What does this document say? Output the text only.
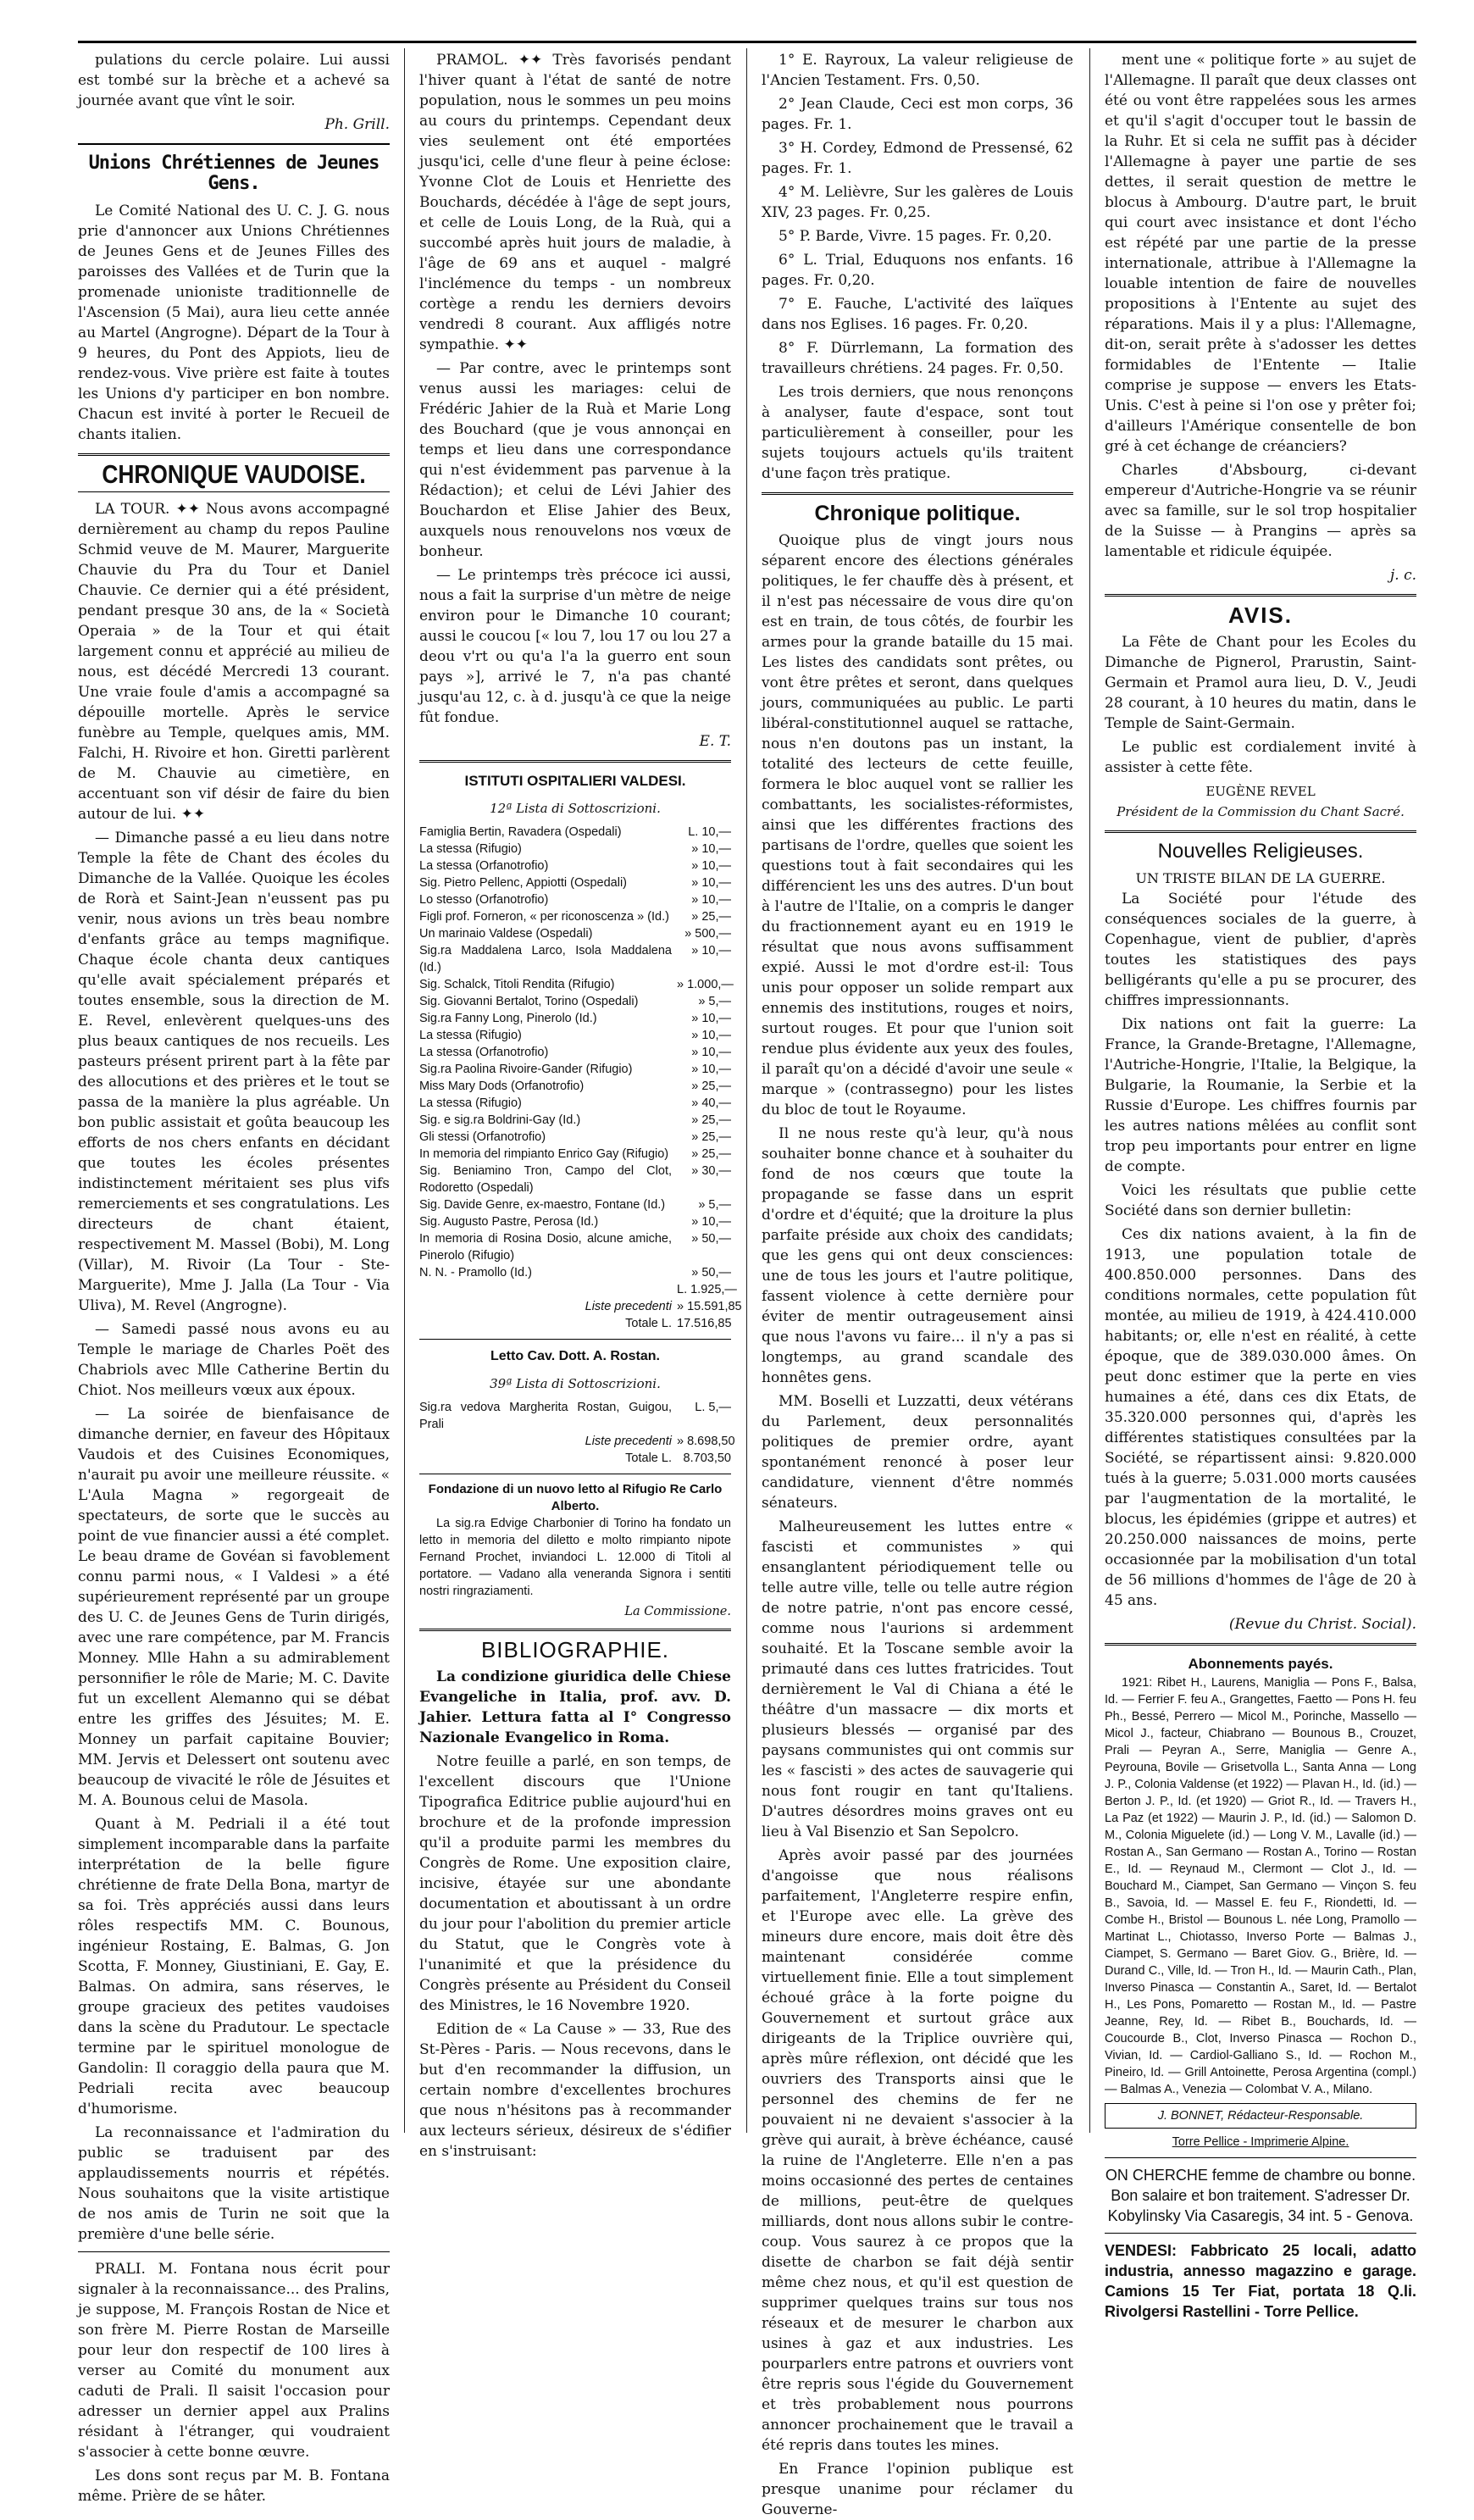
pulations du cercle polaire. Lui aussi est tombé sur la brèche et a achevé sa journée avant que vînt le soir.

Ph. Grill.
Unions Chrétiennes de Jeunes Gens.

Le Comité National des U. C. J. G. nous prie d'annoncer aux Unions Chrétiennes de Jeunes Gens et de Jeunes Filles des paroisses des Vallées et de Turin que la promenade unioniste traditionnelle de l'Ascension (5 Mai), aura lieu cette année au Martel (Angrogne). Départ de la Tour à 9 heures, du Pont des Appiots, lieu de rendez-vous. Vive prière est faite à toutes les Unions d'y participer en bon nombre. Chacun est invité à porter le Recueil de chants italien.

CHRONIQUE VAUDOISE.

LA TOUR. ✦✦ Nous avons accompagné dernièrement au champ du repos Pauline Schmid veuve de M. Maurer, Marguerite Chauvie du Pra du Tour et Daniel Chauvie. Ce dernier qui a été président, pendant presque 30 ans, de la « Società Operaia » de la Tour et qui était largement connu et apprécié au milieu de nous, est décédé Mercredi 13 courant. Une vraie foule d'amis a accompagné sa dépouille mortelle. Après le service funèbre au Temple, quelques amis, MM. Falchi, H. Rivoire et hon. Giretti parlèrent de M. Chauvie au cimetière, en accentuant son vif désir de faire du bien autour de lui. ✦✦

— Dimanche passé a eu lieu dans notre Temple la fête de Chant des écoles du Dimanche de la Vallée. Quoique les écoles de Rorà et Saint-Jean n'eussent pas pu venir, nous avions un très beau nombre d'enfants grâce au temps magnifique. Chaque école chanta deux cantiques qu'elle avait spécialement préparés et toutes ensemble, sous la direction de M. E. Revel, enlevèrent quelques-uns des plus beaux cantiques de nos recueils. Les pasteurs présent prirent part à la fête par des allocutions et des prières et le tout se passa de la manière la plus agréable. Un bon public assistait et goûta beaucoup les efforts de nos chers enfants en décidant que toutes les écoles présentes indistinctement méritaient ses plus vifs remerciements et ses congratulations. Les directeurs de chant étaient, respectivement M. Massel (Bobi), M. Long (Villar), M. Rivoir (La Tour - Ste-Marguerite), Mme J. Jalla (La Tour - Via Uliva), M. Revel (Angrogne).

— Samedi passé nous avons eu au Temple le mariage de Charles Poët des Chabriols avec Mlle Catherine Bertin du Chiot. Nos meilleurs vœux aux époux.

— La soirée de bienfaisance de dimanche dernier, en faveur des Hôpitaux Vaudois et des Cuisines Economiques, n'aurait pu avoir une meilleure réussite. « L'Aula Magna » regorgeait de spectateurs, de sorte que le succès au point de vue financier aussi a été complet. Le beau drame de Govéan si favoblement connu parmi nous, « I Valdesi » a été supérieurement représenté par un groupe des U. C. de Jeunes Gens de Turin dirigés, avec une rare compétence, par M. Francis Monney. Mlle Hahn a su admirablement personnifier le rôle de Marie; M. C. Davite fut un excellent Alemanno qui se débat entre les griffes des Jésuites; M. E. Monney un parfait capitaine Bouvier; MM. Jervis et Delessert ont soutenu avec beaucoup de vivacité le rôle de Jésuites et M. A. Bounous celui de Masola.

Quant à M. Pedriali il a été tout simplement incomparable dans la parfaite interprétation de la belle figure chrétienne de frate Della Bona, martyr de sa foi. Très appréciés aussi dans leurs rôles respectifs MM. C. Bounous, ingénieur Rostaing, E. Balmas, G. Jon Scotta, F. Monney, Giustiniani, E. Gay, E. Balmas. On admira, sans réserves, le groupe gracieux des petites vaudoises dans la scène du Pradutour. Le spectacle termine par le spirituel monologue de Gandolin: Il coraggio della paura que M. Pedriali recita avec beaucoup d'humorisme.

La reconnaissance et l'admiration du public se traduisent par des applaudissements nourris et répétés. Nous souhaitons que la visite artistique de nos amis de Turin ne soit que la première d'une belle série.

PRALI. M. Fontana nous écrit pour signaler à la reconnaissance... des Pralins, je suppose, M. François Rostan de Nice et son frère M. Pierre Rostan de Marseille pour leur don respectif de 100 lires à verser au Comité du monument aux caduti de Prali. Il saisit l'occasion pour adresser un dernier appel aux Pralins résidant à l'étranger, qui voudraient s'associer à cette bonne œuvre.

Les dons sont reçus par M. B. Fontana même. Prière de se hâter.

PRAMOL. ✦✦ Très favorisés pendant l'hiver quant à l'état de santé de notre population, nous le sommes un peu moins au cours du printemps. Cependant deux vies seulement ont été emportées jusqu'ici, celle d'une fleur à peine éclose: Yvonne Clot de Louis et Henriette des Bouchards, décédée à l'âge de sept jours, et celle de Louis Long, de la Ruà, qui a succombé après huit jours de maladie, à l'âge de 69 ans et auquel - malgré l'inclémence du temps - un nombreux cortège a rendu les derniers devoirs vendredi 8 courant. Aux affligés notre sympathie. ✦✦

— Par contre, avec le printemps sont venus aussi les mariages: celui de Frédéric Jahier de la Ruà et Marie Long des Bouchard (que je vous annonçai en temps et lieu dans une correspondance qui n'est évidemment pas parvenue à la Rédaction); et celui de Lévi Jahier des Bouchardon et Elise Jahier des Beux, auxquels nous renouvelons nos vœux de bonheur.

— Le printemps très précoce ici aussi, nous a fait la surprise d'un mètre de neige environ pour le Dimanche 10 courant; aussi le coucou [« lou 7, lou 17 ou lou 27 a deou v'rt ou qu'a l'a la guerro ent soun pays »], arrivé le 7, n'a pas chanté jusqu'au 12, c. à d. jusqu'à ce que la neige fût fondue.

E. T.
ISTITUTI OSPITALIERI VALDESI.
12ª Lista di Sottoscrizioni.
Famiglia Bertin, Ravadera (Ospedali)	L. 10,—
La stessa (Rifugio)	» 10,—
La stessa (Orfanotrofio)	» 10,—
Sig. Pietro Pellenc, Appiotti (Ospedali)	» 10,—
Lo stesso (Orfanotrofio)	» 10,—
Figli prof. Forneron, « per riconoscenza » (Id.)	» 25,—
Un marinaio Valdese (Ospedali)	» 500,—
Sig.ra Maddalena Larco, Isola Maddalena (Id.)
» 10,—
Sig. Schalck, Titoli Rendita (Rifugio)	» 1.000,—
Sig. Giovanni Bertalot, Torino (Ospedali)	» 5,—
Sig.ra Fanny Long, Pinerolo (Id.)	» 10,—
La stessa (Rifugio)	» 10,—
La stessa (Orfanotrofio)	» 10,—
Sig.ra Paolina Rivoire-Gander (Rifugio)	» 10,—
Miss Mary Dods (Orfanotrofio)	» 25,—
La stessa (Rifugio)	» 40,—
Sig. e sig.ra Boldrini-Gay (Id.)	» 25,—
Gli stessi (Orfanotrofio)	» 25,—
In memoria del rimpianto Enrico Gay (Rifugio)	» 25,—
Sig. Beniamino Tron, Campo del Clot, Rodoretto (Ospedali)
» 30,—
Sig. Davide Genre, ex-maestro, Fontane (Id.)	» 5,—
Sig. Augusto Pastre, Perosa (Id.)	» 10,—
In memoria di Rosina Dosio, alcune amiche, Pinerolo (Rifugio)
» 50,—
N. N. - Pramollo (Id.)	» 50,—
L. 1.925,—
Liste precedenti » 15.591,85
Totale L. 17.516,85
Letto Cav. Dott. A. Rostan.
39ª Lista di Sottoscrizioni.
Sig.ra vedova Margherita Rostan, Guigou, Prali
L. 5,—
Liste precedenti » 8.698,50
Totale L. 8.703,50
Fondazione di un nuovo letto al Rifugio Re Carlo Alberto.

La sig.ra Edvige Charbonier di Torino ha fondato un letto in memoria del diletto e molto rimpianto nipote Fernand Prochet, inviandoci L. 12.000 di Titoli al portatore. — Vadano alla veneranda Signora i sentiti nostri ringraziamenti.

La Commissione.
BIBLIOGRAPHIE.

La condizione giuridica delle Chiese Evangeliche in Italia, prof. avv. D. Jahier. Lettura fatta al I° Congresso Nazionale Evangelico in Roma.

Notre feuille a parlé, en son temps, de l'excellent discours que l'Unione Tipografica Editrice publie aujourd'hui en brochure et de la profonde impression qu'il a produite parmi les membres du Congrès de Rome. Une exposition claire, incisive, étayée sur une abondante documentation et aboutissant à un ordre du jour pour l'abolition du premier article du Statut, que le Congrès vote à l'unanimité et que la présidence du Congrès présente au Président du Conseil des Ministres, le 16 Novembre 1920.

Edition de « La Cause » — 33, Rue des St-Pères - Paris. — Nous recevons, dans le but d'en recommander la diffusion, un certain nombre d'excellentes brochures que nous n'hésitons pas à recommander aux lecteurs sérieux, désireux de s'édifier en s'instruisant:

1° E. Rayroux, La valeur religieuse de l'Ancien Testament. Frs. 0,50.

2° Jean Claude, Ceci est mon corps, 36 pages. Fr. 1.

3° H. Cordey, Edmond de Pressensé, 62 pages. Fr. 1.

4° M. Lelièvre, Sur les galères de Louis XIV, 23 pages. Fr. 0,25.

5° P. Barde, Vivre. 15 pages. Fr. 0,20.

6° L. Trial, Eduquons nos enfants. 16 pages. Fr. 0,20.

7° E. Fauche, L'activité des laïques dans nos Eglises. 16 pages. Fr. 0,20.

8° F. Dürrlemann, La formation des travailleurs chrétiens. 24 pages. Fr. 0,50.

Les trois derniers, que nous renonçons à analyser, faute d'espace, sont tout particulièrement à conseiller, pour les sujets toujours actuels qu'ils traitent d'une façon très pratique.

Chronique politique.

Quoique plus de vingt jours nous séparent encore des élections générales politiques, le fer chauffe dès à présent, et il n'est pas nécessaire de vous dire qu'on est en train, de tous côtés, de fourbir les armes pour la grande bataille du 15 mai. Les listes des candidats sont prêtes, ou vont être prêtes et seront, dans quelques jours, communiquées au public. Le parti libéral-constitutionnel auquel se rattache, nous n'en doutons pas un instant, la totalité des lecteurs de cette feuille, formera le bloc auquel vont se rallier les combattants, les socialistes-réformistes, ainsi que les différentes fractions des partisans de l'ordre, quelles que soient les questions tout à fait secondaires qui les différencient les uns des autres. D'un bout à l'autre de l'Italie, on a compris le danger du fractionnement ayant eu en 1919 le résultat que nous avons suffisamment expié. Aussi le mot d'ordre est-il: Tous unis pour opposer un solide rempart aux ennemis des institutions, rouges et noirs, surtout rouges. Et pour que l'union soit rendue plus évidente aux yeux des foules, il paraît qu'on a décidé d'avoir une seule « marque » (contrassegno) pour les listes du bloc de tout le Royaume.

Il ne nous reste qu'à leur, qu'à nous souhaiter bonne chance et à souhaiter du fond de nos cœurs que toute la propagande se fasse dans un esprit d'ordre et d'équité; que la droiture la plus parfaite préside aux choix des candidats; que les gens qui ont deux consciences: une de tous les jours et l'autre politique, fassent violence à cette dernière pour éviter de mentir outrageusement ainsi que nous l'avons vu faire... il n'y a pas si longtemps, au grand scandale des honnêtes gens.

MM. Boselli et Luzzatti, deux vétérans du Parlement, deux personnalités politiques de premier ordre, ayant spontanément renoncé à poser leur candidature, viennent d'être nommés sénateurs.

Malheureusement les luttes entre « fascisti et communistes » qui ensanglantent périodiquement telle ou telle autre ville, telle ou telle autre région de notre patrie, n'ont pas encore cessé, comme nous l'aurions si ardemment souhaité. Et la Toscane semble avoir la primauté dans ces luttes fratricides. Tout dernièrement le Val di Chiana a été le théâtre d'un massacre — dix morts et plusieurs blessés — organisé par des paysans communistes qui ont commis sur les « fascisti » des actes de sauvagerie qui nous font rougir en tant qu'Italiens. D'autres désordres moins graves ont eu lieu à Val Bisenzio et San Sepolcro.

Après avoir passé par des journées d'angoisse que nous réalisons parfaitement, l'Angleterre respire enfin, et l'Europe avec elle. La grève des mineurs dure encore, mais doit être dès maintenant considérée comme virtuellement finie. Elle a tout simplement échoué grâce à la forte poigne du Gouvernement et surtout grâce aux dirigeants de la Triplice ouvrière qui, après mûre réflexion, ont décidé que les ouvriers des Transports ainsi que le personnel des chemins de fer ne pouvaient ni ne devaient s'associer à la grève qui aurait, à brève échéance, causé la ruine de l'Angleterre. Elle n'en a pas moins occasionné des pertes de centaines de millions, peut-être de quelques milliards, dont nous allons subir le contre-coup. Vous saurez à ce propos que la disette de charbon se fait déjà sentir même chez nous, et qu'il est question de supprimer quelques trains sur tous nos réseaux et de mesurer le charbon aux usines à gaz et aux industries. Les pourparlers entre patrons et ouvriers vont être repris sous l'égide du Gouvernement et très probablement nous pourrons annoncer prochainement que le travail a été repris dans toutes les mines.

En France l'opinion publique est presque unanime pour réclamer du Gouverne-

ment une « politique forte » au sujet de l'Allemagne. Il paraît que deux classes ont été ou vont être rappelées sous les armes et qu'il s'agit d'occuper tout le bassin de la Ruhr. Et si cela ne suffit pas à décider l'Allemagne à payer une partie de ses dettes, il serait question de mettre le blocus à Ambourg. D'autre part, le bruit qui court avec insistance et dont l'écho est répété par une partie de la presse internationale, attribue à l'Allemagne la louable intention de faire de nouvelles propositions à l'Entente au sujet des réparations. Mais il y a plus: l'Allemagne, dit-on, serait prête à s'adosser les dettes formidables de l'Entente — Italie comprise je suppose — envers les Etats-Unis. C'est à peine si l'on ose y prêter foi; d'ailleurs l'Amérique consentelle de bon gré à cet échange de créanciers?

Charles d'Absbourg, ci-devant empereur d'Autriche-Hongrie va se réunir avec sa famille, sur le sol trop hospitalier de la Suisse — à Prangins — après sa lamentable et ridicule équipée.

j. c.
AVIS.

La Fête de Chant pour les Ecoles du Dimanche de Pignerol, Prarustin, Saint-Germain et Pramol aura lieu, D. V., Jeudi 28 courant, à 10 heures du matin, dans le Temple de Saint-Germain.

Le public est cordialement invité à assister à cette fête.

EUGÈNE REVEL
Président de la Commission du Chant Sacré.
Nouvelles Religieuses.
UN TRISTE BILAN DE LA GUERRE.

La Société pour l'étude des conséquences sociales de la guerre, à Copenhague, vient de publier, d'après toutes les statistiques des pays belligérants qu'elle a pu se procurer, des chiffres impressionnants.

Dix nations ont fait la guerre: La France, la Grande-Bretagne, l'Allemagne, l'Autriche-Hongrie, l'Italie, la Belgique, la Bulgarie, la Roumanie, la Serbie et la Russie d'Europe. Les chiffres fournis par les autres nations mêlées au conflit sont trop peu importants pour entrer en ligne de compte.

Voici les résultats que publie cette Société dans son dernier bulletin:

Ces dix nations avaient, à la fin de 1913, une population totale de 400.850.000 personnes. Dans des conditions normales, cette population fût montée, au milieu de 1919, à 424.410.000 habitants; or, elle n'est en réalité, à cette époque, que de 389.030.000 âmes. On peut donc estimer que la perte en vies humaines a été, dans ces dix Etats, de 35.320.000 personnes qui, d'après les différentes statistiques consultées par la Société, se répartissent ainsi: 9.820.000 tués à la guerre; 5.031.000 morts causées par l'augmentation de la mortalité, le blocus, les épidémies (grippe et autres) et 20.250.000 naissances de moins, perte occasionnée par la mobilisation d'un total de 56 millions d'hommes de l'âge de 20 à 45 ans.

(Revue du Christ. Social).
Abonnements payés.

1921: Ribet H., Laurens, Maniglia — Pons F., Balsa, Id. — Ferrier F. feu A., Grangettes, Faetto — Pons H. feu Ph., Bessé, Perrero — Micol M., Porinche, Massello — Micol J., facteur, Chiabrano — Bounous B., Crouzet, Prali — Peyran A., Serre, Maniglia — Genre A., Peyrouna, Bovile — Grisetvolla L., Santa Anna — Long J. P., Colonia Valdense (et 1922) — Plavan H., Id. (id.) — Berton J. P., Id. (et 1920) — Griot R., Id. — Travers H., La Paz (et 1922) — Maurin J. P., Id. (id.) — Salomon D. M., Colonia Miguelete (id.) — Long V. M., Lavalle (id.) — Rostan A., San Germano — Rostan A., Torino — Rostan E., Id. — Reynaud M., Clermont — Clot J., Id. — Bouchard M., Ciampet, San Germano — Vinçon S. feu B., Savoia, Id. — Massel E. feu F., Riondetti, Id. — Combe H., Bristol — Bounous L. née Long, Pramollo — Martinat L., Chiotasso, Inverso Porte — Balmas J., Ciampet, S. Germano — Baret Giov. G., Brière, Id. — Durand C., Ville, Id. — Tron H., Id. — Maurin Cath., Plan, Inverso Pinasca — Constantin A., Saret, Id. — Bertalot H., Les Pons, Pomaretto — Rostan M., Id. — Pastre Jeanne, Rey, Id. — Ribet B., Bouchards, Id. — Coucourde B., Clot, Inverso Pinasca — Rochon D., Vivian, Id. — Cardiol-Galliano S., Id. — Rochon M., Pineiro, Id. — Grill Antoinette, Perosa Argentina (compl.) — Balmas A., Venezia — Colombat V. A., Milano.

J. BONNET, Rédacteur-Responsable.
Torre Pellice - Imprimerie Alpine.
ON CHERCHE femme de chambre ou bonne. Bon salaire et bon traitement. S'adresser Dr. Kobylinsky Via Casaregis, 34 int. 5 - Genova.
VENDESI: Fabbricato 25 locali, adatto industria, annesso magazzino e garage. Camions 15 Ter Fiat, portata 18 Q.li. Rivolgersi Rastellini - Torre Pellice.
